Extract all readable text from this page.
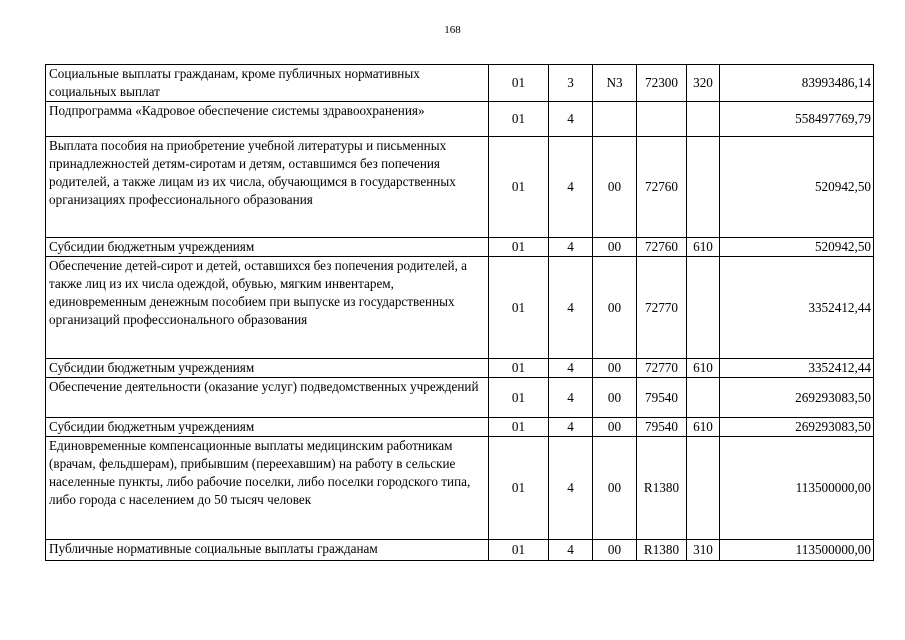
168
Социальные выплаты гражданам, кроме публичных нормативных социальных выплат	01	3	N3	72300	320	83993486,14
Подпрограмма «Кадровое обеспечение системы здравоохранения»	01	4				558497769,79
Выплата пособия на приобретение учебной литературы и письменных принадлежностей детям-сиротам и детям, оставшимся без попечения родителей, а также лицам из их числа, обучающимся в государственных организациях профессионального образования	01	4	00	72760		520942,50
Субсидии бюджетным учреждениям	01	4	00	72760	610	520942,50
Обеспечение детей-сирот и детей, оставшихся без попечения родителей, а также лиц из их числа одеждой, обувью, мягким инвентарем, единовременным денежным пособием при выпуске из государственных организаций профессионального образования	01	4	00	72770		3352412,44
Субсидии бюджетным учреждениям	01	4	00	72770	610	3352412,44
Обеспечение деятельности (оказание услуг) подведомственных учреждений	01	4	00	79540		269293083,50
Субсидии бюджетным учреждениям	01	4	00	79540	610	269293083,50
Единовременные компенсационные выплаты медицинским работникам (врачам, фельдшерам), прибывшим (переехавшим) на работу в сельские населенные пункты, либо рабочие поселки, либо поселки городского типа, либо города с населением до 50 тысяч человек	01	4	00	R1380		113500000,00
Публичные нормативные социальные выплаты гражданам	01	4	00	R1380	310	113500000,00
